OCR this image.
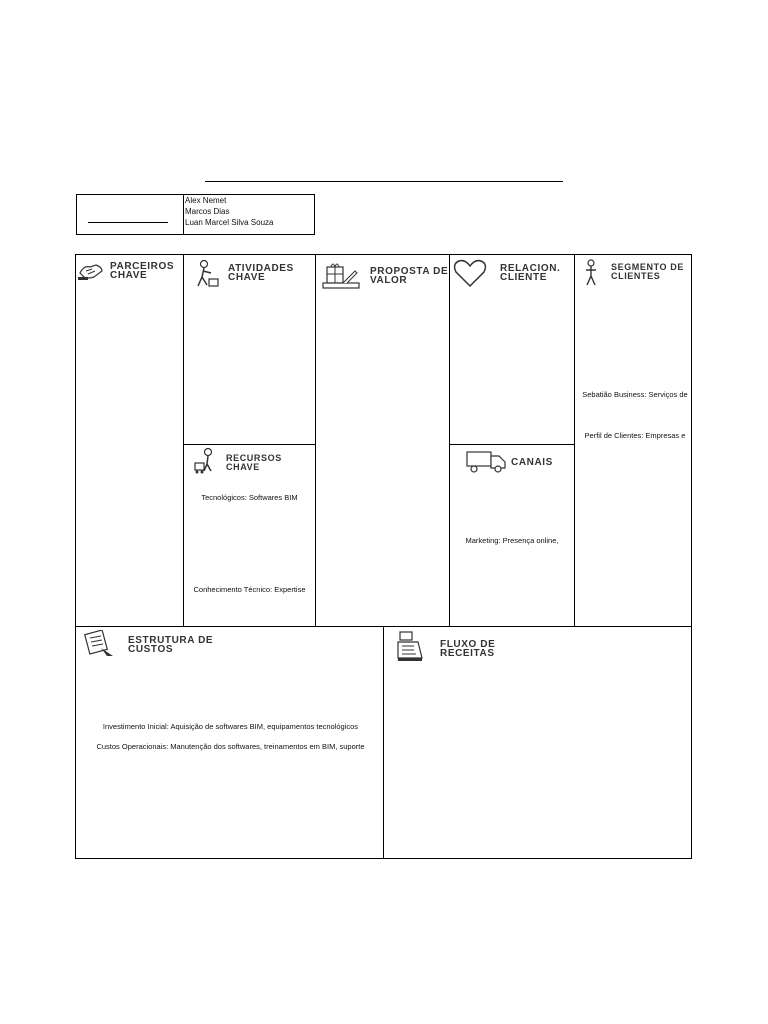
Alex Nemet
Marcos Dias
Luan Marcel Silva Souza
PARCEIROS
CHAVE
ATIVIDADES
CHAVE
RECURSOS CHAVE
Tecnológicos: Softwares BIM
Conhecimento Técnico: Expertise
PROPOSTA DE
VALOR
RELACION.
CLIENTE
CANAIS
Marketing: Presença online,
SEGMENTO DE
CLIENTES
Sebatião Business: Serviços de
Perfil de Clientes: Empresas e
ESTRUTURA DE
CUSTOS
Investimento Inicial: Aquisição de softwares BIM, equipamentos tecnológicos
Custos Operacionais: Manutenção dos softwares, treinamentos em BIM, suporte
FLUXO DE
RECEITAS
